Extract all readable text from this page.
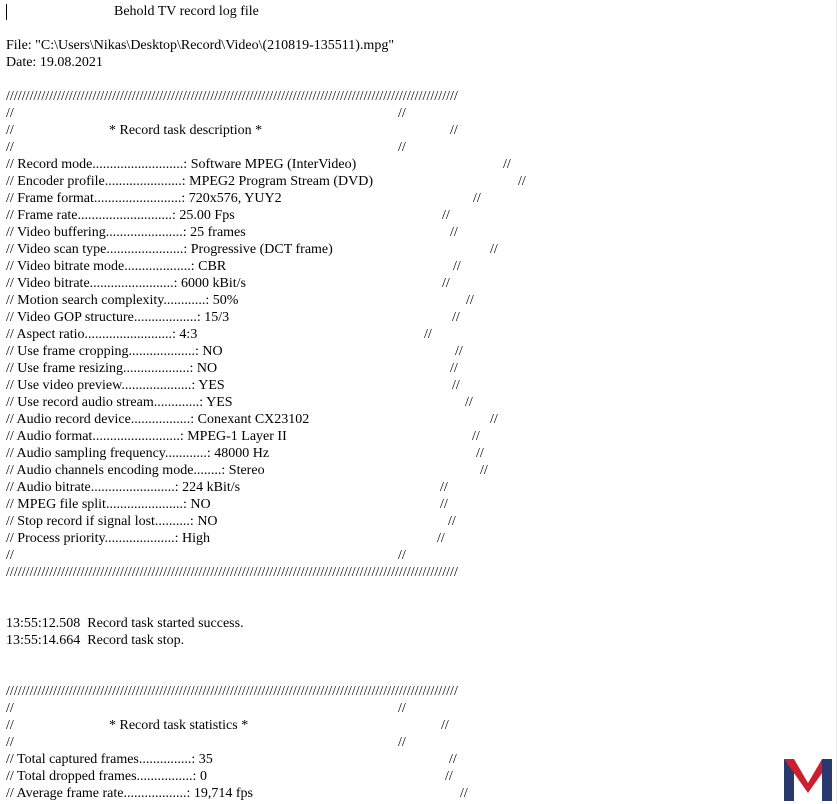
Behold TV record log file
File: "C:\Users\Nikas\Desktop\Record\Video\(210819-135511).mpg"
Date: 19.08.2021
///////////////////////////////////////////////////////////////////////////////////////////////////////////////////
//	//
//	* Record task description *	//
//	//
// Record mode..........................: Software MPEG (InterVideo)	//
// Encoder profile......................: MPEG2 Program Stream (DVD)	//
// Frame format.........................: 720x576, YUY2	//
// Frame rate...........................: 25.00 Fps	//
// Video buffering......................: 25 frames	//
// Video scan type......................: Progressive (DCT frame)	//
// Video bitrate mode...................: CBR	//
// Video bitrate........................: 6000 kBit/s	//
// Motion search complexity............: 50%	//
// Video GOP structure..................: 15/3	//
// Aspect ratio.........................: 4:3	//
// Use frame cropping...................: NO	//
// Use frame resizing...................: NO	//
// Use video preview....................: YES	//
// Use record audio stream.............: YES	//
// Audio record device.................: Conexant CX23102	//
// Audio format.........................: MPEG-1 Layer II	//
// Audio sampling frequency............: 48000 Hz	//
// Audio channels encoding mode........: Stereo	//
// Audio bitrate........................: 224 kBit/s	//
// MPEG file split......................: NO	//
// Stop record if signal lost..........: NO	//
// Process priority....................: High	//
//	//
///////////////////////////////////////////////////////////////////////////////////////////////////////////////////
13:55:12.508  Record task started success.
13:55:14.664  Record task stop.
///////////////////////////////////////////////////////////////////////////////////////////////////////////////////
//	//
//	* Record task statistics *	//
//	//
// Total captured frames...............: 35	//
// Total dropped frames................: 0	//
// Average frame rate..................: 19,714 fps	//
